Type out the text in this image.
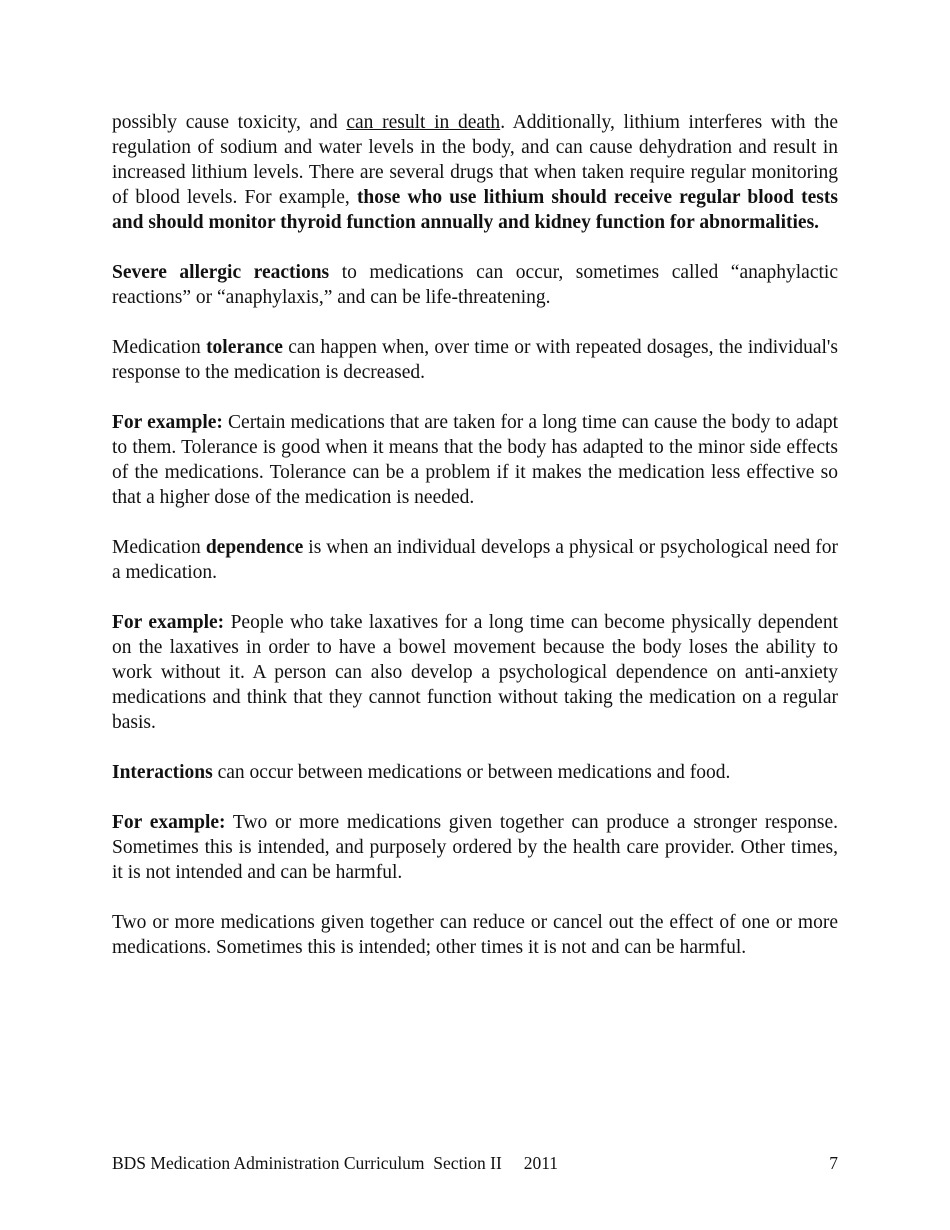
possibly cause toxicity, and can result in death. Additionally, lithium interferes with the regulation of sodium and water levels in the body, and can cause dehydration and result in increased lithium levels. There are several drugs that when taken require regular monitoring of blood levels. For example, those who use lithium should receive regular blood tests and should monitor thyroid function annually and kidney function for abnormalities.

Severe allergic reactions to medications can occur, sometimes called “anaphylactic reactions” or “anaphylaxis,” and can be life-threatening.

Medication tolerance can happen when, over time or with repeated dosages, the individual's response to the medication is decreased.

For example: Certain medications that are taken for a long time can cause the body to adapt to them. Tolerance is good when it means that the body has adapted to the minor side effects of the medications. Tolerance can be a problem if it makes the medication less effective so that a higher dose of the medication is needed.

Medication dependence is when an individual develops a physical or psychological need for a medication.

For example: People who take laxatives for a long time can become physically dependent on the laxatives in order to have a bowel movement because the body loses the ability to work without it. A person can also develop a psychological dependence on anti-anxiety medications and think that they cannot function without taking the medication on a regular basis.

Interactions can occur between medications or between medications and food.

For example: Two or more medications given together can produce a stronger response. Sometimes this is intended, and purposely ordered by the health care provider. Other times, it is not intended and can be harmful.

Two or more medications given together can reduce or cancel out the effect of one or more medications. Sometimes this is intended; other times it is not and can be harmful.

BDS Medication Administration Curriculum  Section II     2011	7
